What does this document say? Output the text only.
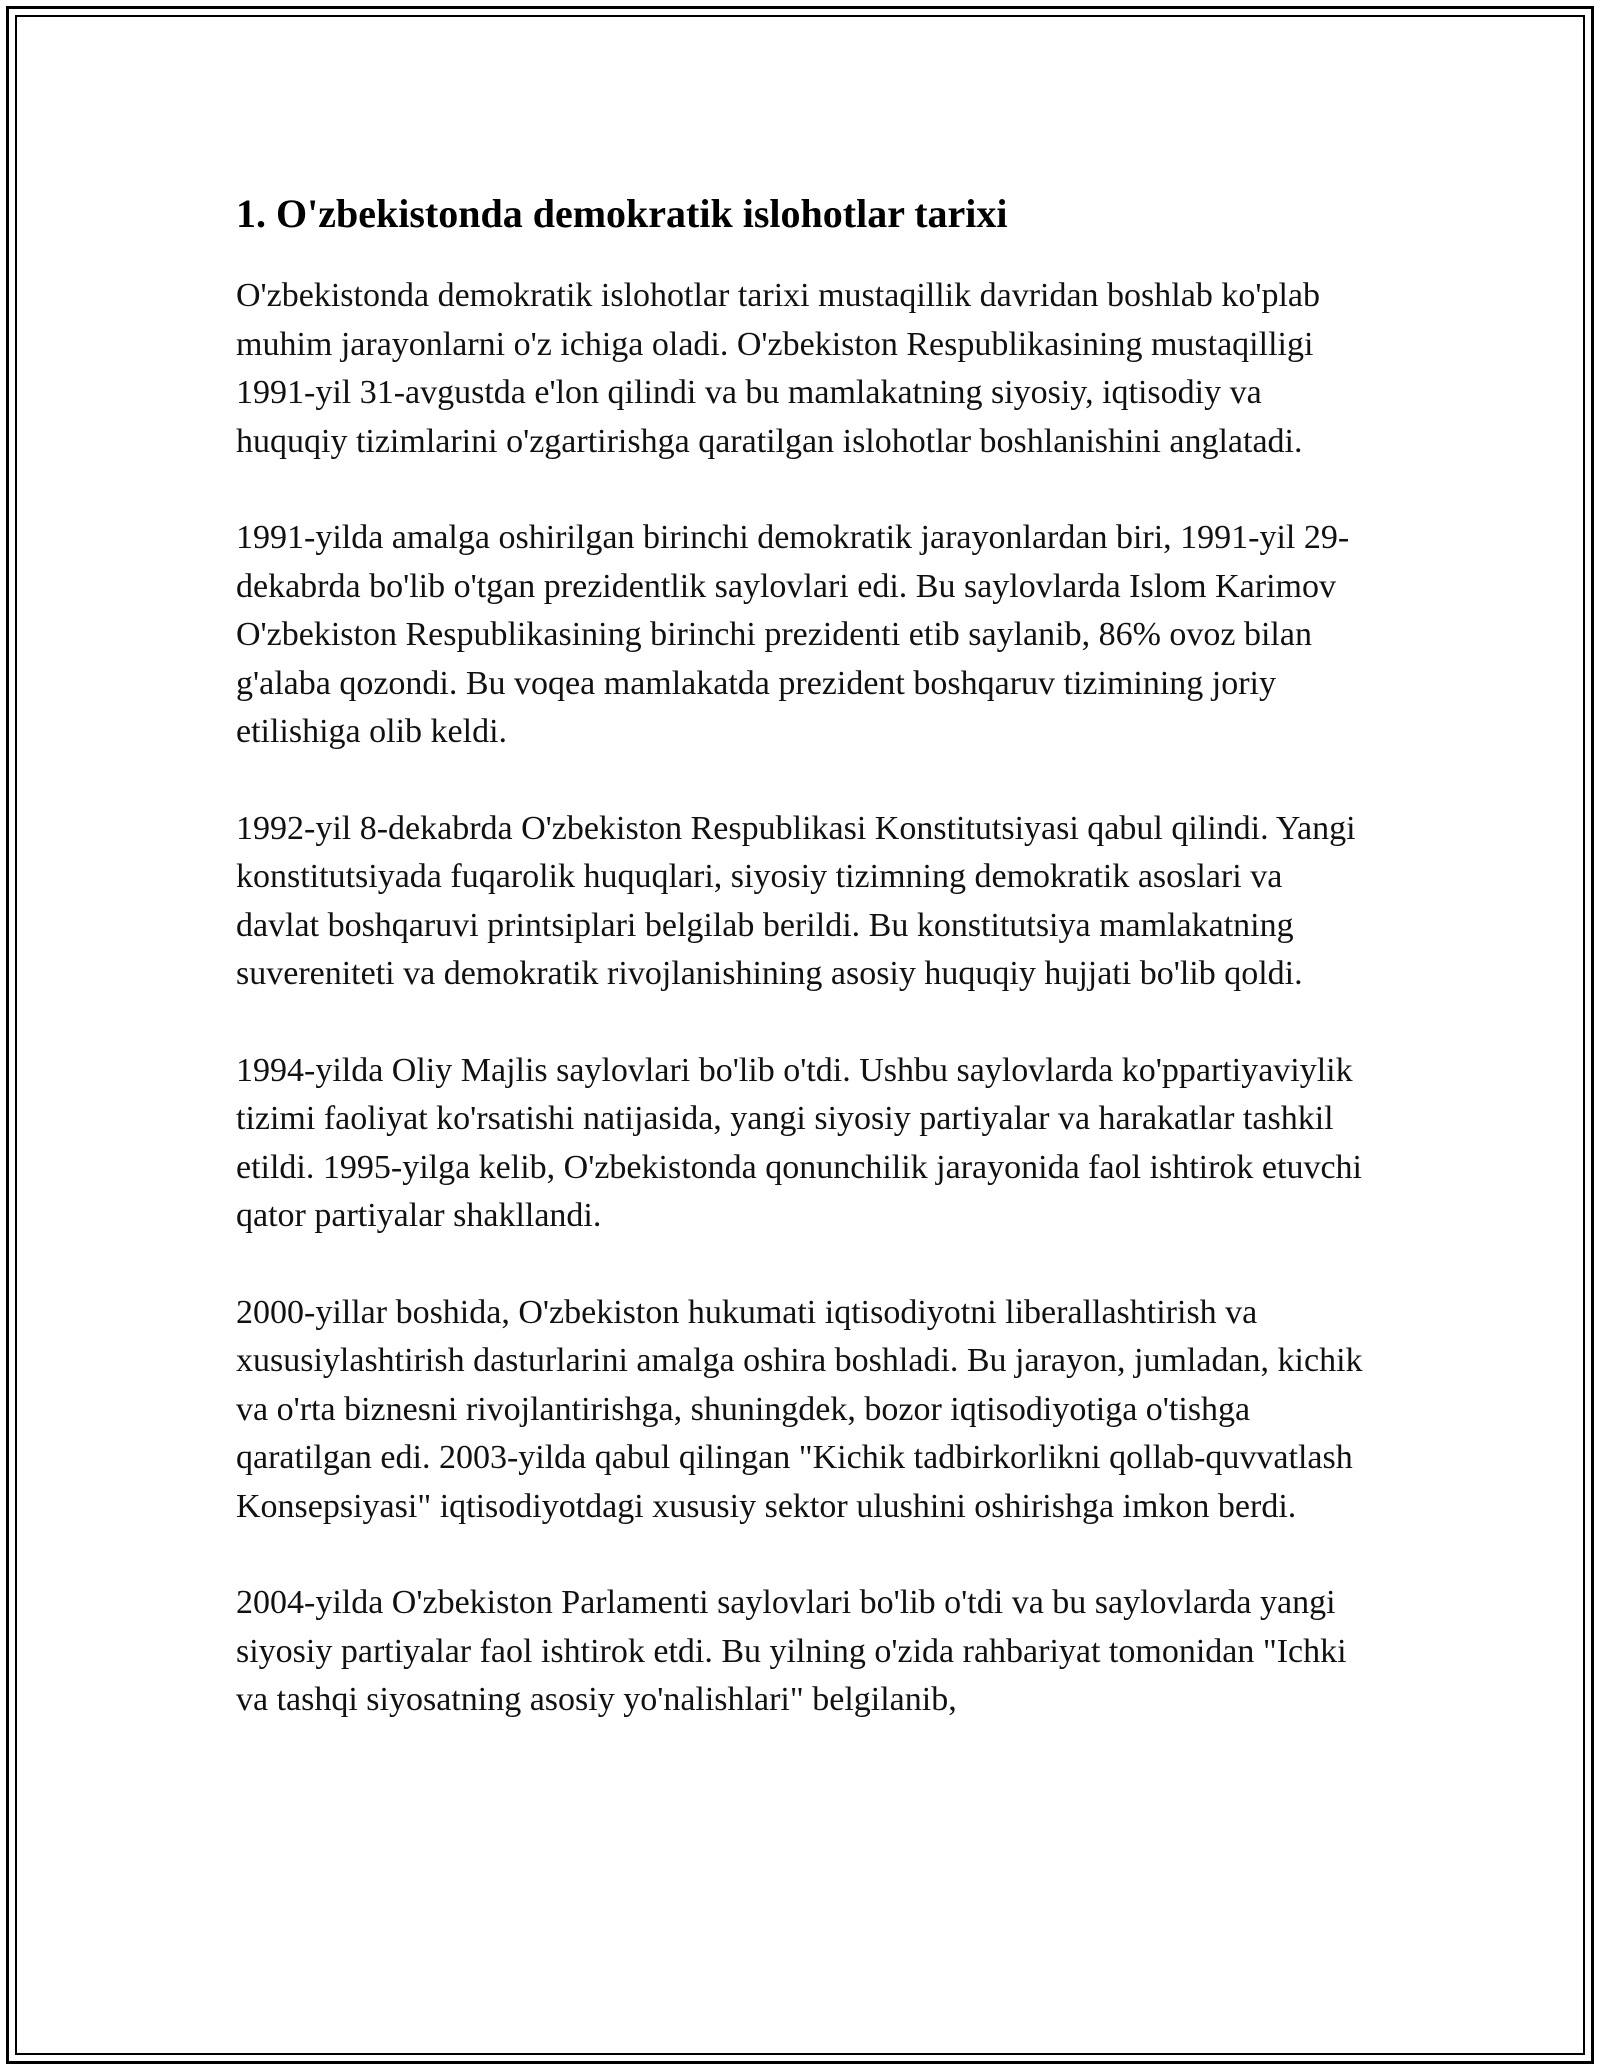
1. O'zbekistonda demokratik islohotlar tarixi

O'zbekistonda demokratik islohotlar tarixi mustaqillik davridan boshlab ko'plab muhim jarayonlarni o'z ichiga oladi. O'zbekiston Respublikasining mustaqilligi 1991-yil 31-avgustda e'lon qilindi va bu mamlakatning siyosiy, iqtisodiy va huquqiy tizimlarini o'zgartirishga qaratilgan islohotlar boshlanishini anglatadi.

1991-yilda amalga oshirilgan birinchi demokratik jarayonlardan biri, 1991-yil 29-dekabrda bo'lib o'tgan prezidentlik saylovlari edi. Bu saylovlarda Islom Karimov O'zbekiston Respublikasining birinchi prezidenti etib saylanib, 86% ovoz bilan g'alaba qozondi. Bu voqea mamlakatda prezident boshqaruv tizimining joriy etilishiga olib keldi.

1992-yil 8-dekabrda O'zbekiston Respublikasi Konstitutsiyasi qabul qilindi. Yangi konstitutsiyada fuqarolik huquqlari, siyosiy tizimning demokratik asoslari va davlat boshqaruvi printsiplari belgilab berildi. Bu konstitutsiya mamlakatning suvereniteti va demokratik rivojlanishining asosiy huquqiy hujjati bo'lib qoldi.

1994-yilda Oliy Majlis saylovlari bo'lib o'tdi. Ushbu saylovlarda ko'ppartiyaviylik tizimi faoliyat ko'rsatishi natijasida, yangi siyosiy partiyalar va harakatlar tashkil etildi. 1995-yilga kelib, O'zbekistonda qonunchilik jarayonida faol ishtirok etuvchi qator partiyalar shakllandi.

2000-yillar boshida, O'zbekiston hukumati iqtisodiyotni liberallashtirish va xususiylashtirish dasturlarini amalga oshira boshladi. Bu jarayon, jumladan, kichik va o'rta biznesni rivojlantirishga, shuningdek, bozor iqtisodiyotiga o'tishga qaratilgan edi. 2003-yilda qabul qilingan "Kichik tadbirkorlikni qollab-quvvatlash Konsepsiyasi" iqtisodiyotdagi xususiy sektor ulushini oshirishga imkon berdi.

2004-yilda O'zbekiston Parlamenti saylovlari bo'lib o'tdi va bu saylovlarda yangi siyosiy partiyalar faol ishtirok etdi. Bu yilning o'zida rahbariyat tomonidan "Ichki va tashqi siyosatning asosiy yo'nalishlari" belgilanib,
